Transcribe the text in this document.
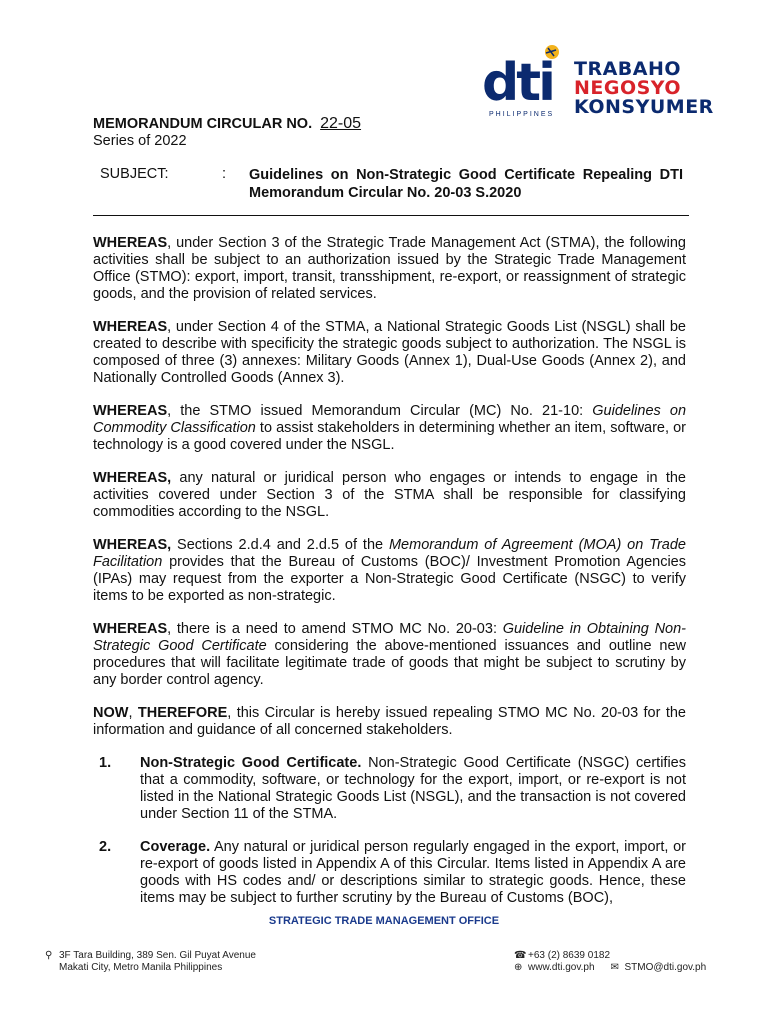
dti
PHILIPPINES
TRABAHO
NEGOSYO
KONSYUMER
MEMORANDUM CIRCULAR NO. 22-05
Series of 2022
SUBJECT:	: Guidelines on Non-Strategic Good Certificate Repealing DTI Memorandum Circular No. 20-03 S.2020

WHEREAS, under Section 3 of the Strategic Trade Management Act (STMA), the following activities shall be subject to an authorization issued by the Strategic Trade Management Office (STMO): export, import, transit, transshipment, re-export, or reassignment of strategic goods, and the provision of related services.

WHEREAS, under Section 4 of the STMA, a National Strategic Goods List (NSGL) shall be created to describe with specificity the strategic goods subject to authorization. The NSGL is composed of three (3) annexes: Military Goods (Annex 1), Dual-Use Goods (Annex 2), and Nationally Controlled Goods (Annex 3).

WHEREAS, the STMO issued Memorandum Circular (MC) No. 21-10: Guidelines on Commodity Classification to assist stakeholders in determining whether an item, software, or technology is a good covered under the NSGL.

WHEREAS, any natural or juridical person who engages or intends to engage in the activities covered under Section 3 of the STMA shall be responsible for classifying commodities according to the NSGL.

WHEREAS, Sections 2.d.4 and 2.d.5 of the Memorandum of Agreement (MOA) on Trade Facilitation provides that the Bureau of Customs (BOC)/ Investment Promotion Agencies (IPAs) may request from the exporter a Non-Strategic Good Certificate (NSGC) to verify items to be exported as non-strategic.

WHEREAS, there is a need to amend STMO MC No. 20-03: Guideline in Obtaining Non-Strategic Good Certificate considering the above-mentioned issuances and outline new procedures that will facilitate legitimate trade of goods that might be subject to scrutiny by any border control agency.

NOW, THEREFORE, this Circular is hereby issued repealing STMO MC No. 20-03 for the information and guidance of all concerned stakeholders.

1. Non-Strategic Good Certificate. Non-Strategic Good Certificate (NSGC) certifies that a commodity, software, or technology for the export, import, or re-export is not listed in the National Strategic Goods List (NSGL), and the transaction is not covered under Section 11 of the STMA.
2. Coverage. Any natural or juridical person regularly engaged in the export, import, or re-export of goods listed in Appendix A of this Circular. Items listed in Appendix A are goods with HS codes and/ or descriptions similar to strategic goods. Hence, these items may be subject to further scrutiny by the Bureau of Customs (BOC),
STRATEGIC TRADE MANAGEMENT OFFICE
⚲ 3F Tara Building, 389 Sen. Gil Puyat Avenue
Makati City, Metro Manila Philippines
☎ +63 (2) 8639 0182
⊕ www.dti.gov.ph ✉ STMO@dti.gov.ph
